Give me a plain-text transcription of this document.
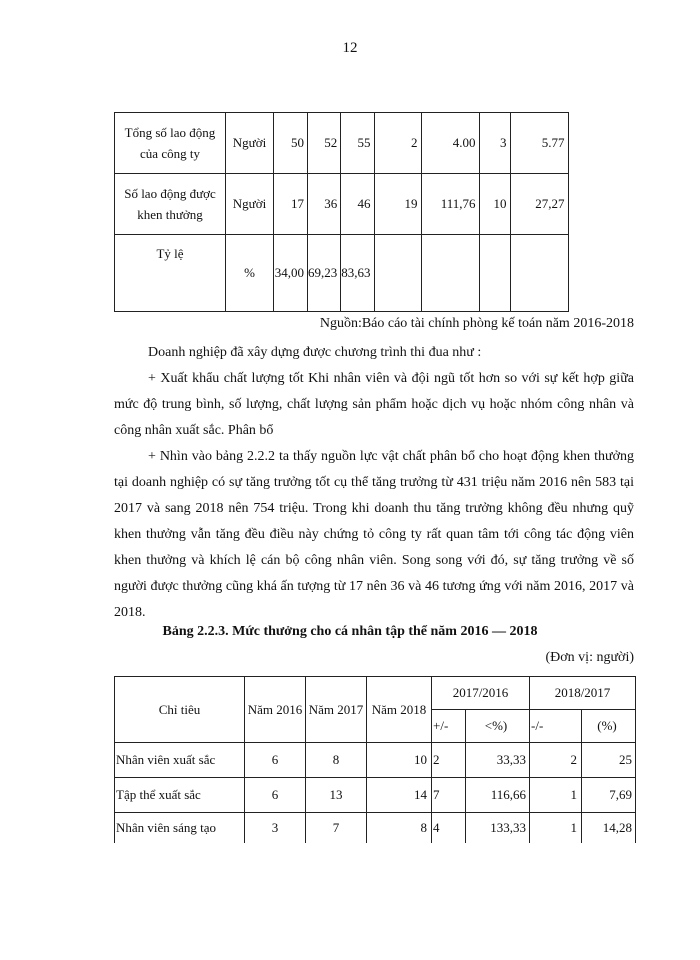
12
Tổng số lao động của công ty	Người	50	52	55	2	4.00	3	5.77
Số lao động được khen thưởng	Người	17	36	46	19	111,76	10	27,27
Tỷ lệ	%	34,00	69,23	83,63				
Nguồn:Báo cáo tài chính phòng kế toán năm 2016-2018
Doanh nghiệp đã xây dựng được chương trình thi đua như :
+ Xuất khẩu chất lượng tốt Khi nhân viên và đội ngũ tốt hơn so với sự kết hợp giữa mức độ trung bình, số lượng, chất lượng sản phẩm hoặc dịch vụ hoặc nhóm công nhân và công nhân xuất sắc. Phân bổ
+ Nhìn vào bảng 2.2.2 ta thấy nguồn lực vật chất phân bổ cho hoạt động khen thưởng tại doanh nghiệp có sự tăng trưởng tốt cụ thể tăng trưởng từ 431 triệu năm 2016 nên 583 tại 2017 và sang 2018 nên 754 triệu. Trong khi doanh thu tăng trưởng không đều nhưng quỹ khen thưởng vẫn tăng đều điều này chứng tỏ công ty rất quan tâm tới công tác động viên khen thưởng và khích lệ cán bộ công nhân viên. Song song với đó, sự tăng trưởng về số người được thưởng cũng khá ấn tượng từ 17 nên 36 và 46 tương ứng với năm 2016, 2017 và 2018.
Bảng 2.2.3. Mức thưởng cho cá nhân tập thể năm 2016 — 2018
(Đơn vị: người)
Chỉ tiêu	Năm 2016	Năm 2017	Năm 2018	2017/2016		2018/2017	
				+/-	<%)	-/-	(%)
Nhân viên xuất sắc	6	8	10	2	33,33	2	25
Tập thể xuất sắc	6	13	14	7	116,66	1	7,69
Nhân viên sáng tạo	3	7	8	4	133,33	1	14,28
